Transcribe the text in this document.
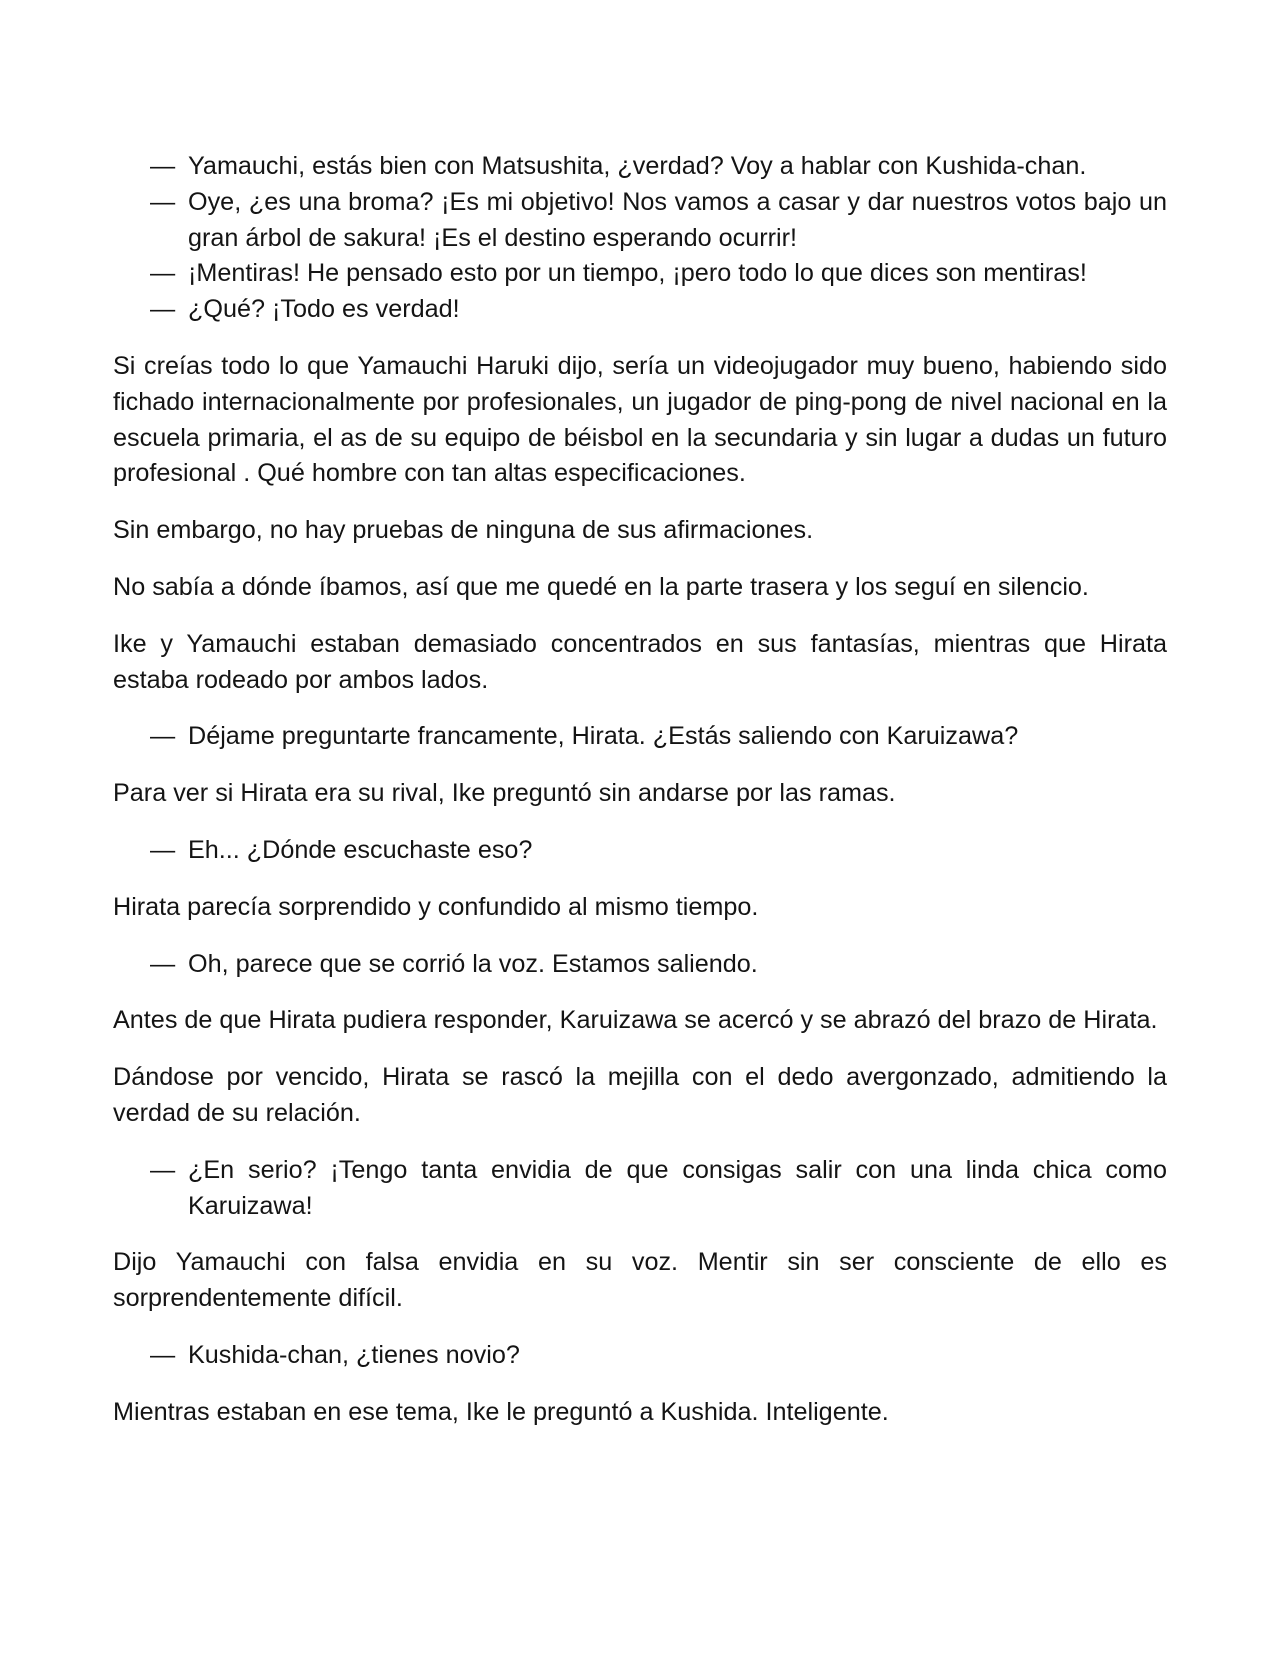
— Yamauchi, estás bien con Matsushita, ¿verdad? Voy a hablar con Kushida-chan.

— Oye, ¿es una broma? ¡Es mi objetivo! Nos vamos a casar y dar nuestros votos bajo un gran árbol de sakura! ¡Es el destino esperando ocurrir!

— ¡Mentiras! He pensado esto por un tiempo, ¡pero todo lo que dices son mentiras!

— ¿Qué? ¡Todo es verdad!

Si creías todo lo que Yamauchi Haruki dijo, sería un videojugador muy bueno, habiendo sido fichado internacionalmente por profesionales, un jugador de ping-pong de nivel nacional en la escuela primaria, el as de su equipo de béisbol en la secundaria y sin lugar a dudas un futuro profesional . Qué hombre con tan altas especificaciones.

Sin embargo, no hay pruebas de ninguna de sus afirmaciones.

No sabía a dónde íbamos, así que me quedé en la parte trasera y los seguí en silencio.

Ike y Yamauchi estaban demasiado concentrados en sus fantasías, mientras que Hirata estaba rodeado por ambos lados.

— Déjame preguntarte francamente, Hirata. ¿Estás saliendo con Karuizawa?

Para ver si Hirata era su rival, Ike preguntó sin andarse por las ramas.

— Eh... ¿Dónde escuchaste eso?

Hirata parecía sorprendido y confundido al mismo tiempo.

— Oh, parece que se corrió la voz. Estamos saliendo.

Antes de que Hirata pudiera responder, Karuizawa se acercó y se abrazó del brazo de Hirata.

Dándose por vencido, Hirata se rascó la mejilla con el dedo avergonzado, admitiendo la verdad de su relación.

— ¿En serio? ¡Tengo tanta envidia de que consigas salir con una linda chica como Karuizawa!

Dijo Yamauchi con falsa envidia en su voz. Mentir sin ser consciente de ello es sorprendentemente difícil.

— Kushida-chan, ¿tienes novio?

Mientras estaban en ese tema, Ike le preguntó a Kushida. Inteligente.
